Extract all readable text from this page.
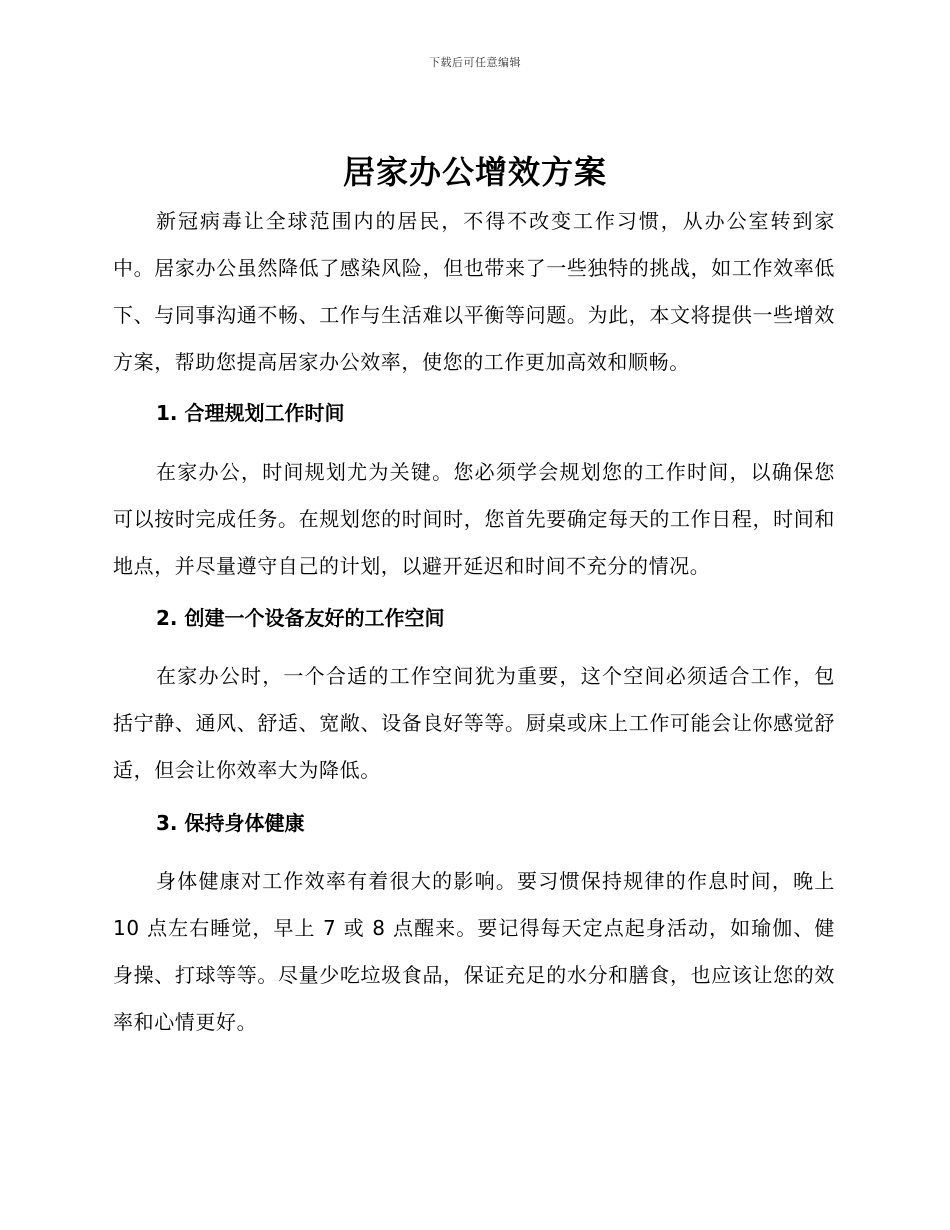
下载后可任意编辑
居家办公增效方案

新冠病毒让全球范围内的居民，不得不改变工作习惯，从办公室转到家中。居家办公虽然降低了感染风险，但也带来了一些独特的挑战，如工作效率低下、与同事沟通不畅、工作与生活难以平衡等问题。为此，本文将提供一些增效方案，帮助您提高居家办公效率，使您的工作更加高效和顺畅。

1. 合理规划工作时间

在家办公，时间规划尤为关键。您必须学会规划您的工作时间，以确保您可以按时完成任务。在规划您的时间时，您首先要确定每天的工作日程，时间和地点，并尽量遵守自己的计划，以避开延迟和时间不充分的情况。

2. 创建一个设备友好的工作空间

在家办公时，一个合适的工作空间犹为重要，这个空间必须适合工作，包括宁静、通风、舒适、宽敞、设备良好等等。厨桌或床上工作可能会让你感觉舒适，但会让你效率大为降低。

3. 保持身体健康

身体健康对工作效率有着很大的影响。要习惯保持规律的作息时间，晚上 10 点左右睡觉，早上 7 或 8 点醒来。要记得每天定点起身活动，如瑜伽、健身操、打球等等。尽量少吃垃圾食品，保证充足的水分和膳食，也应该让您的效率和心情更好。
